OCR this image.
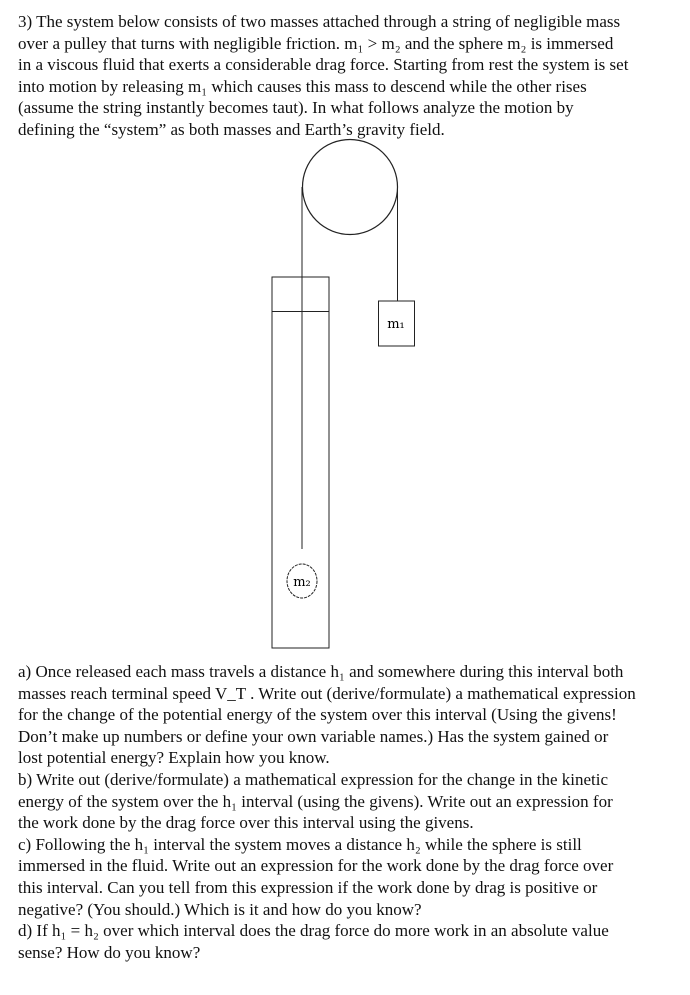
3) The system below consists of two masses attached through a string of negligible mass
over a pulley that turns with negligible friction. m₁ > m₂ and the sphere m₂ is immersed
in a viscous fluid that exerts a considerable drag force. Starting from rest the system is set
into motion by releasing m₁ which causes this mass to descend while the other rises
(assume the string instantly becomes taut). In what follows analyze the motion by
defining the “system” as both masses and Earth’s gravity field.
m₁
m₂
a) Once released each mass travels a distance h₁ and somewhere during this interval both
masses reach terminal speed V_T . Write out (derive/formulate) a mathematical expression
for the change of the potential energy of the system over this interval (Using the givens!
Don’t make up numbers or define your own variable names.) Has the system gained or
lost potential energy? Explain how you know.
b) Write out (derive/formulate) a mathematical expression for the change in the kinetic
energy of the system over the h₁ interval (using the givens). Write out an expression for
the work done by the drag force over this interval using the givens.
c) Following the h₁ interval the system moves a distance h₂ while the sphere is still
immersed in the fluid. Write out an expression for the work done by the drag force over
this interval. Can you tell from this expression if the work done by drag is positive or
negative? (You should.) Which is it and how do you know?
d) If h₁ = h₂ over which interval does the drag force do more work in an absolute value
sense? How do you know?
